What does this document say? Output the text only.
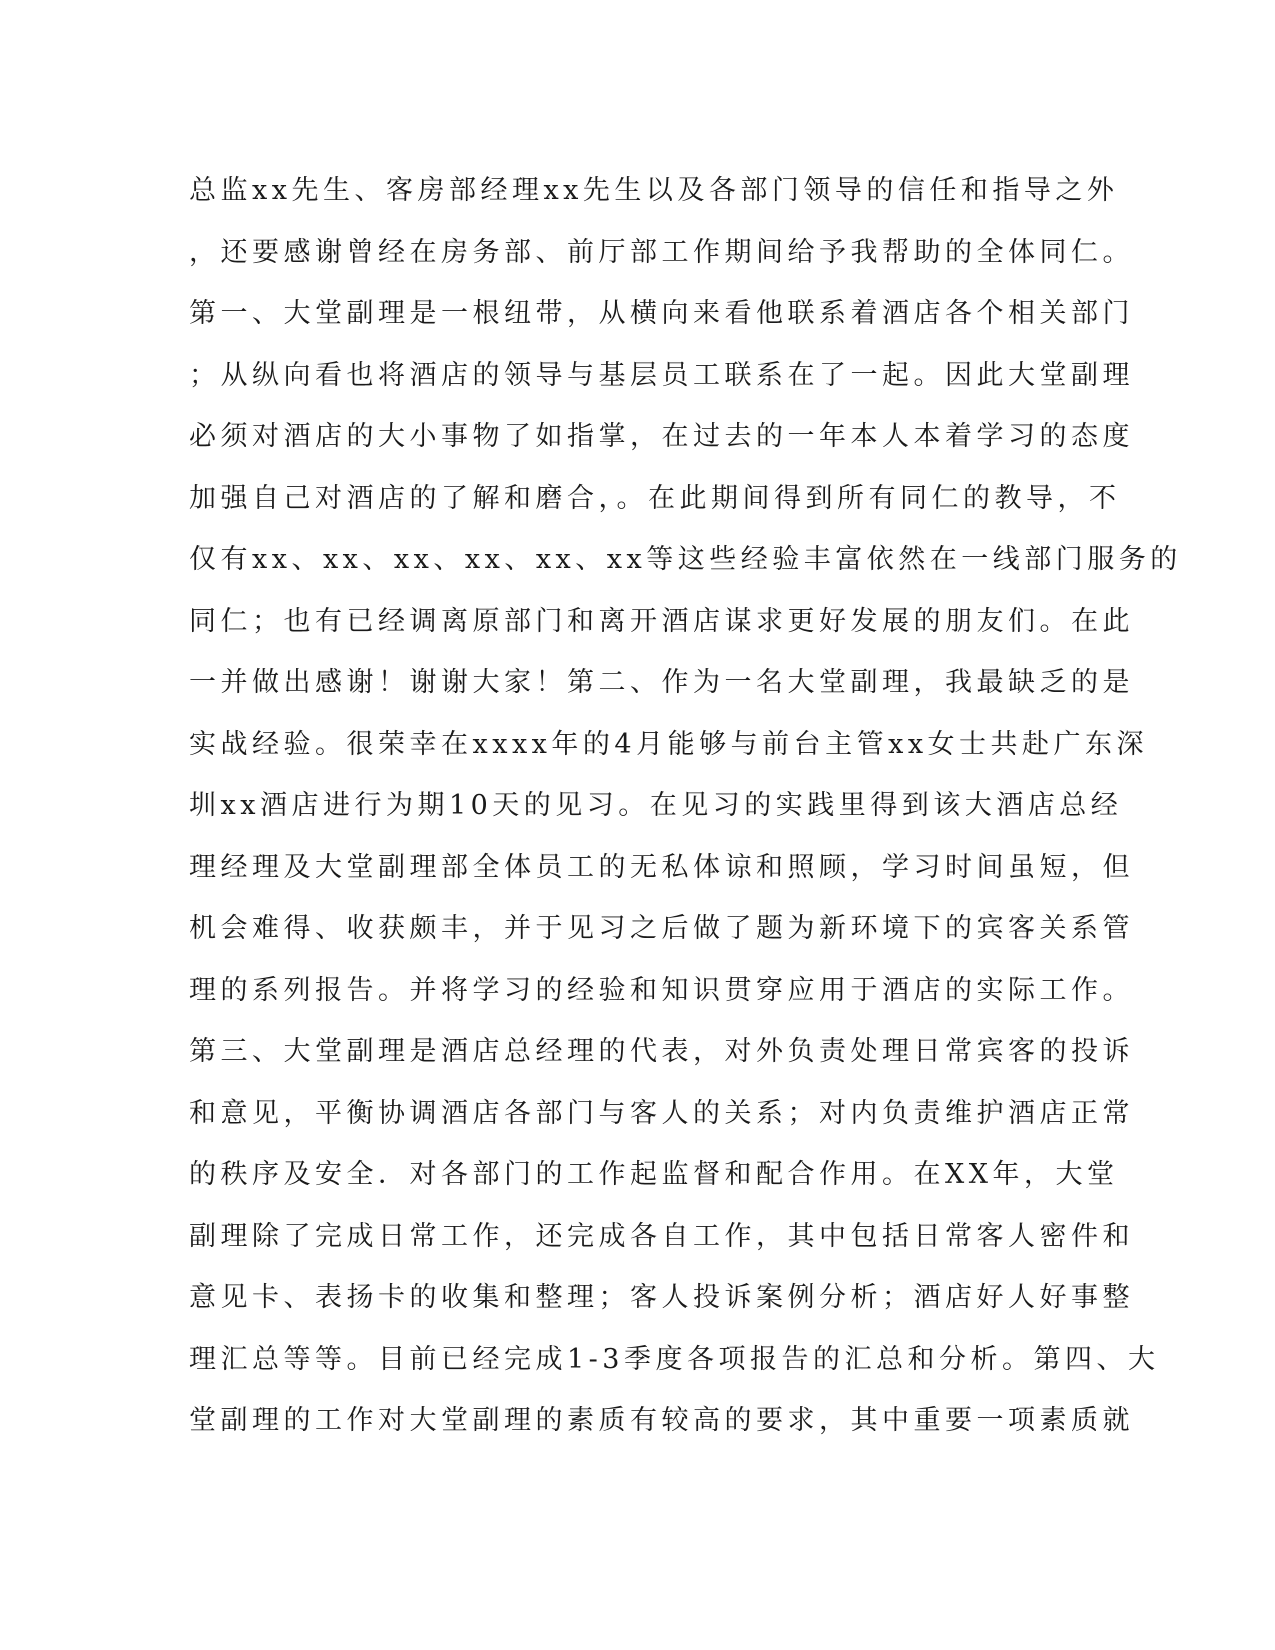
总监xx先生、客房部经理xx先生以及各部门领导的信任和指导之外
，还要感谢曾经在房务部、前厅部工作期间给予我帮助的全体同仁。
第一、大堂副理是一根纽带，从横向来看他联系着酒店各个相关部门
；从纵向看也将酒店的领导与基层员工联系在了一起。因此大堂副理
必须对酒店的大小事物了如指掌，在过去的一年本人本着学习的态度
加强自己对酒店的了解和磨合，。在此期间得到所有同仁的教导，不
仅有xx、xx、xx、xx、xx、xx等这些经验丰富依然在一线部门服务的
同仁；也有已经调离原部门和离开酒店谋求更好发展的朋友们。在此
一并做出感谢！谢谢大家！第二、作为一名大堂副理，我最缺乏的是
实战经验。很荣幸在xxxx年的4月能够与前台主管xx女士共赴广东深
圳xx酒店进行为期10天的见习。在见习的实践里得到该大酒店总经
理经理及大堂副理部全体员工的无私体谅和照顾，学习时间虽短，但
机会难得、收获颇丰，并于见习之后做了题为新环境下的宾客关系管
理的系列报告。并将学习的经验和知识贯穿应用于酒店的实际工作。
第三、大堂副理是酒店总经理的代表，对外负责处理日常宾客的投诉
和意见，平衡协调酒店各部门与客人的关系；对内负责维护酒店正常
的秩序及安全．对各部门的工作起监督和配合作用。在XX年，大堂
副理除了完成日常工作，还完成各自工作，其中包括日常客人密件和
意见卡、表扬卡的收集和整理；客人投诉案例分析；酒店好人好事整
理汇总等等。目前已经完成1-3季度各项报告的汇总和分析。第四、大
堂副理的工作对大堂副理的素质有较高的要求，其中重要一项素质就
